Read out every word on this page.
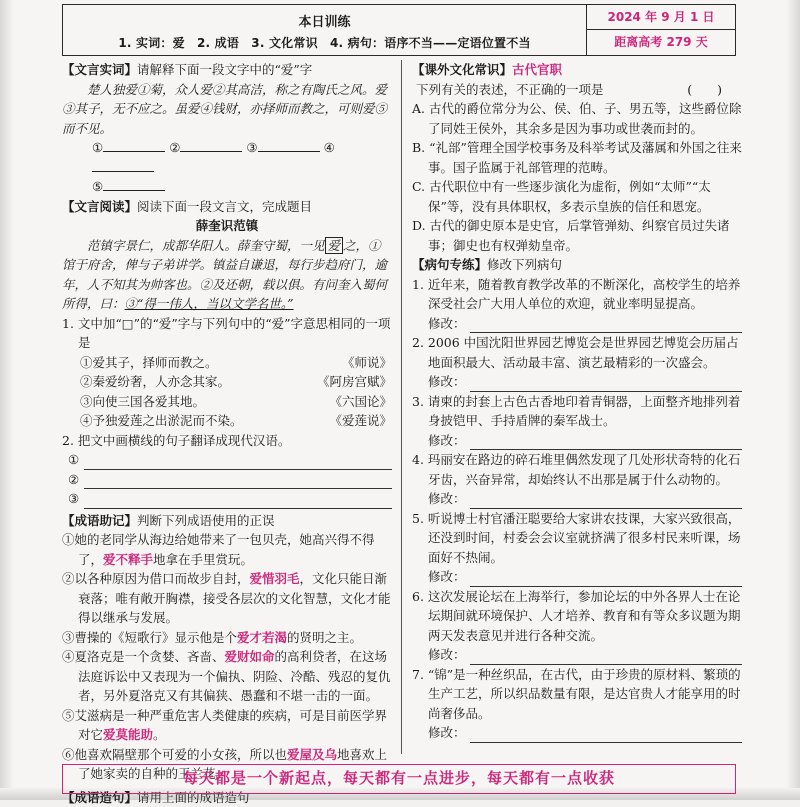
本日训练
1. 实词：爱　2. 成语　3. 文化常识　4. 病句：语序不当——定语位置不当
2024 年 9 月 1 日
距离高考 279 天

【文言实词】请解释下面一段文字中的“爱”字

楚人独爱①菊，众人爱②其高洁，称之有陶氏之风。爱③其子，无不应之。虽爱④钱财，亦择师而教之，可则爱⑤而不见。

①	②	③	④

⑤

【文言阅读】阅读下面一段文言文，完成题目

薛奎识范镇

范镇字景仁，成都华阳人。薛奎守蜀，一见 爱 之，①馆于府舍，俾与子弟讲学。镇益自谦退，每行步趋府门，逾年，人不知其为帅客也。②及还朝，载以俱。有问奎入蜀何所得，曰：③“得一伟人，当以文学名世。”

1. 文中加“□”的“爱”字与下列句中的“爱”字意思相同的一项是

①爱其子，择师而教之。	《师说》

②秦爱纷奢，人亦念其家。	《阿房宫赋》

③向使三国各爱其地。	《六国论》

④予独爱莲之出淤泥而不染。	《爱莲说》

2. 把文中画横线的句子翻译成现代汉语。

①
②
③

【成语助记】判断下列成语使用的正误

①她的老同学从海边给她带来了一包贝壳，她高兴得不得了，爱不释手地拿在手里赏玩。

②以各种原因为借口而故步自封，爱惜羽毛，文化只能日渐衰落；唯有敞开胸襟，接受各层次的文化智慧，文化才能得以继承与发展。

③曹操的《短歌行》显示他是个爱才若渴的贤明之主。

④夏洛克是一个贪婪、吝啬、爱财如命的高利贷者，在这场法庭诉讼中又表现为一个偏执、阴险、冷酷、残忍的复仇者，另外夏洛克又有其偏狭、愚蠢和不堪一击的一面。

⑤艾滋病是一种严重危害人类健康的疾病，可是目前医学界对它爱莫能助。

⑥他喜欢隔壁那个可爱的小女孩，所以也爱屋及乌地喜欢上了她家卖的自种的玉兰花。

【成语造句】请用上面的成语造句

【课外文化常识】古代官职

下列有关的表述，不正确的一项是	(　　)

A. 古代的爵位常分为公、侯、伯、子、男五等，这些爵位除了同姓王侯外，其余多是因为事功或世袭而封的。

B. “礼部”管理全国学校事务及科举考试及藩属和外国之往来事。国子监属于礼部管理的范畴。

C. 古代职位中有一些逐步演化为虚衔，例如“太师”“太保”等，没有具体职权，多表示皇族的信任和恩宠。

D. 古代的御史原本是史官，后掌管弹劾、纠察官员过失诸事；御史也有权弹劾皇帝。

【病句专练】修改下列病句

1. 近年来，随着教育教学改革的不断深化，高校学生的培养深受社会广大用人单位的欢迎，就业率明显提高。

修改：

2. 2006 中国沈阳世界园艺博览会是世界园艺博览会历届占地面积最大、活动最丰富、演艺最精彩的一次盛会。

修改：

3. 请柬的封套上古色古香地印着青铜器，上面整齐地排列着身披铠甲、手持盾牌的秦军战士。

修改：

4. 玛丽安在路边的碎石堆里偶然发现了几处形状奇特的化石牙齿，兴奋异常，却始终认不出那是属于什么动物的。

修改：

5. 听说博士村官潘汪聪要给大家讲农技课，大家兴致很高，还没到时间，村委会会议室就挤满了很多村民来听课，场面好不热闹。

修改：

6. 这次发展论坛在上海举行，参加论坛的中外各界人士在论坛期间就环境保护、人才培养、教育和有等众多议题为期两天发表意见并进行各种交流。

修改：

7. “锦”是一种丝织品，在古代，由于珍贵的原材料、繁琐的生产工艺，所以织品数量有限，是达官贵人才能享用的时尚奢侈品。

修改：
每天都是一个新起点，每天都有一点进步，每天都有一点收获
